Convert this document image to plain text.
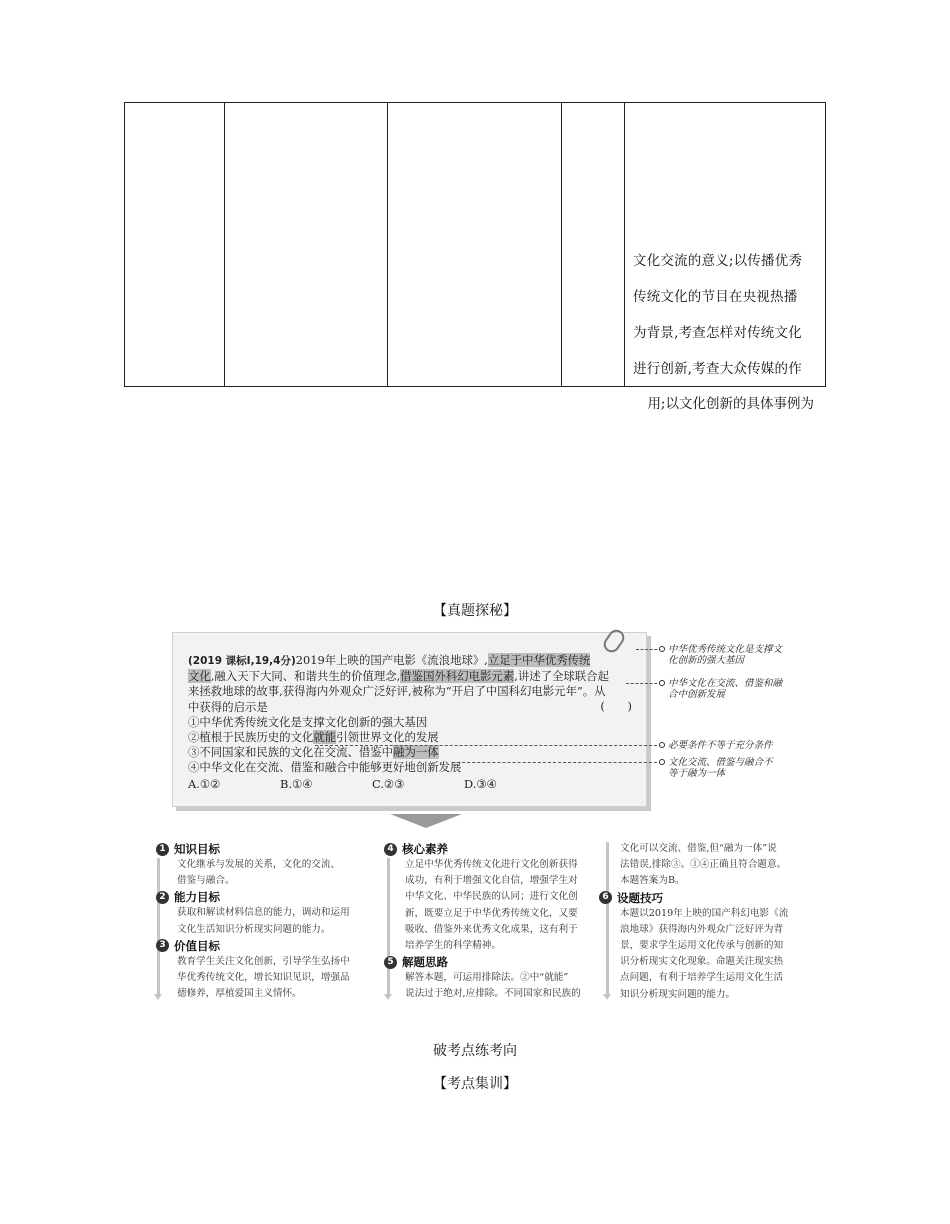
文化交流的意义;以传播优秀
传统文化的节目在央视热播
为背景,考查怎样对传统文化
进行创新,考查大众传媒的作
用;以文化创新的具体事例为
【真题探秘】
(2019 课标Ⅰ,19,4分)2019年上映的国产电影《流浪地球》,立足于中华优秀传统
文化,融入天下大同、和谐共生的价值理念,借鉴国外科幻电影元素,讲述了全球联合起
来拯救地球的故事,获得海内外观众广泛好评,被称为“开启了中国科幻电影元年”。从
中获得的启示是	(　　)
①中华优秀传统文化是支撑文化创新的强大基因
②植根于民族历史的文化就能引领世界文化的发展
③不同国家和民族的文化在交流、借鉴中融为一体
④中华文化在交流、借鉴和融合中能够更好地创新发展
A.①②	B.①④	C.②③	D.③④
中华优秀传统文化是支撑文
化创新的强大基因
中华文化在交流、借鉴和融
合中创新发展
必要条件不等于充分条件
文化交流、借鉴与融合不
等于融为一体
1 知识目标
文化继承与发展的关系，文化的交流、
借鉴与融合。
2 能力目标
获取和解读材料信息的能力，调动和运用
文化生活知识分析现实问题的能力。
3 价值目标
教育学生关注文化创新，引导学生弘扬中
华优秀传统文化，增长知识见识，增强品
德修养，厚植爱国主义情怀。
4 核心素养
立足中华优秀传统文化进行文化创新获得
成功，有利于增强文化自信，增强学生对
中华文化、中华民族的认同；进行文化创
新，既要立足于中华优秀传统文化，又要
吸收、借鉴外来优秀文化成果，这有利于
培养学生的科学精神。
5 解题思路
解答本题，可运用排除法。②中“就能”
说法过于绝对,应排除。不同国家和民族的
文化可以交流、借鉴,但“融为一体”说
法错误,排除③。①④正确且符合题意。
本题答案为B。
6 设题技巧
本题以2019年上映的国产科幻电影《流
浪地球》获得海内外观众广泛好评为背
景，要求学生运用文化传承与创新的知
识分析现实文化现象。命题关注现实热
点问题，有利于培养学生运用文化生活
知识分析现实问题的能力。
破考点练考向
【考点集训】
